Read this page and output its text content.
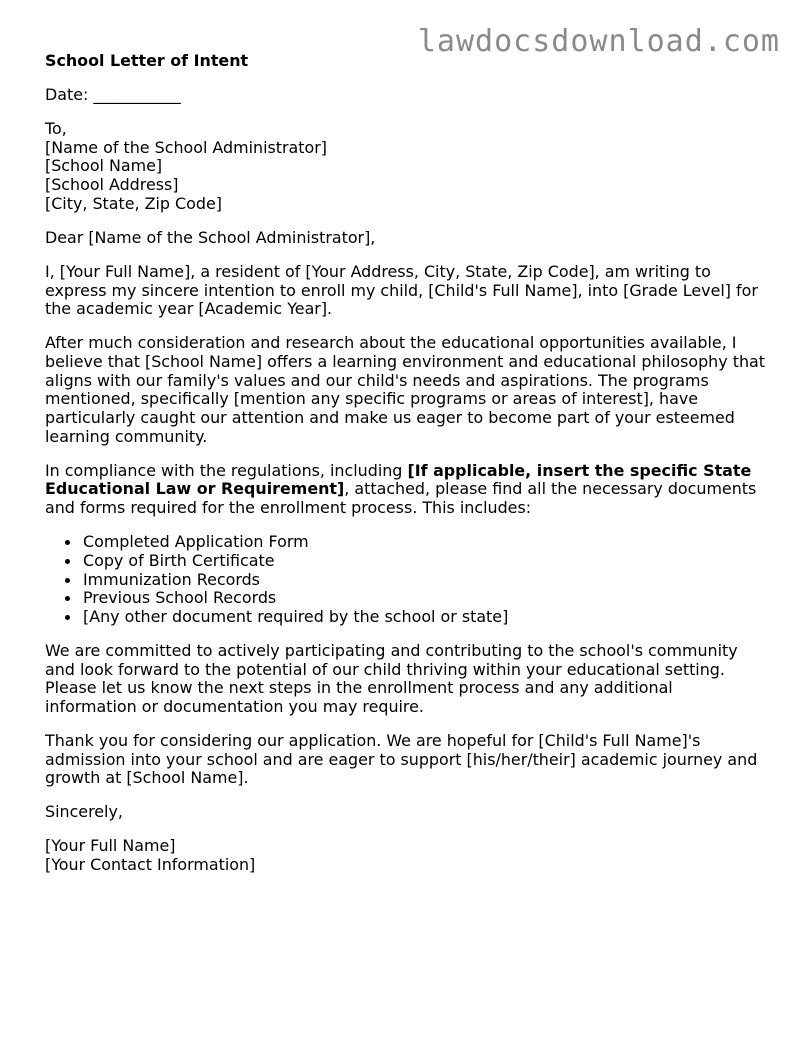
lawdocsdownload.com
School Letter of Intent

Date: ___________

To,
[Name of the School Administrator]
[School Name]
[School Address]
[City, State, Zip Code]

Dear [Name of the School Administrator],

I, [Your Full Name], a resident of [Your Address, City, State, Zip Code], am writing to express my sincere intention to enroll my child, [Child's Full Name], into [Grade Level] for the academic year [Academic Year].

After much consideration and research about the educational opportunities available, I believe that [School Name] offers a learning environment and educational philosophy that aligns with our family's values and our child's needs and aspirations. The programs mentioned, specifically [mention any specific programs or areas of interest], have particularly caught our attention and make us eager to become part of your esteemed learning community.

In compliance with the regulations, including [If applicable, insert the specific State Educational Law or Requirement], attached, please find all the necessary documents and forms required for the enrollment process. This includes:

Completed Application Form
Copy of Birth Certificate
Immunization Records
Previous School Records
[Any other document required by the school or state]

We are committed to actively participating and contributing to the school's community and look forward to the potential of our child thriving within your educational setting. Please let us know the next steps in the enrollment process and any additional information or documentation you may require.

Thank you for considering our application. We are hopeful for [Child's Full Name]'s admission into your school and are eager to support [his/her/their] academic journey and growth at [School Name].

Sincerely,

[Your Full Name]
[Your Contact Information]
